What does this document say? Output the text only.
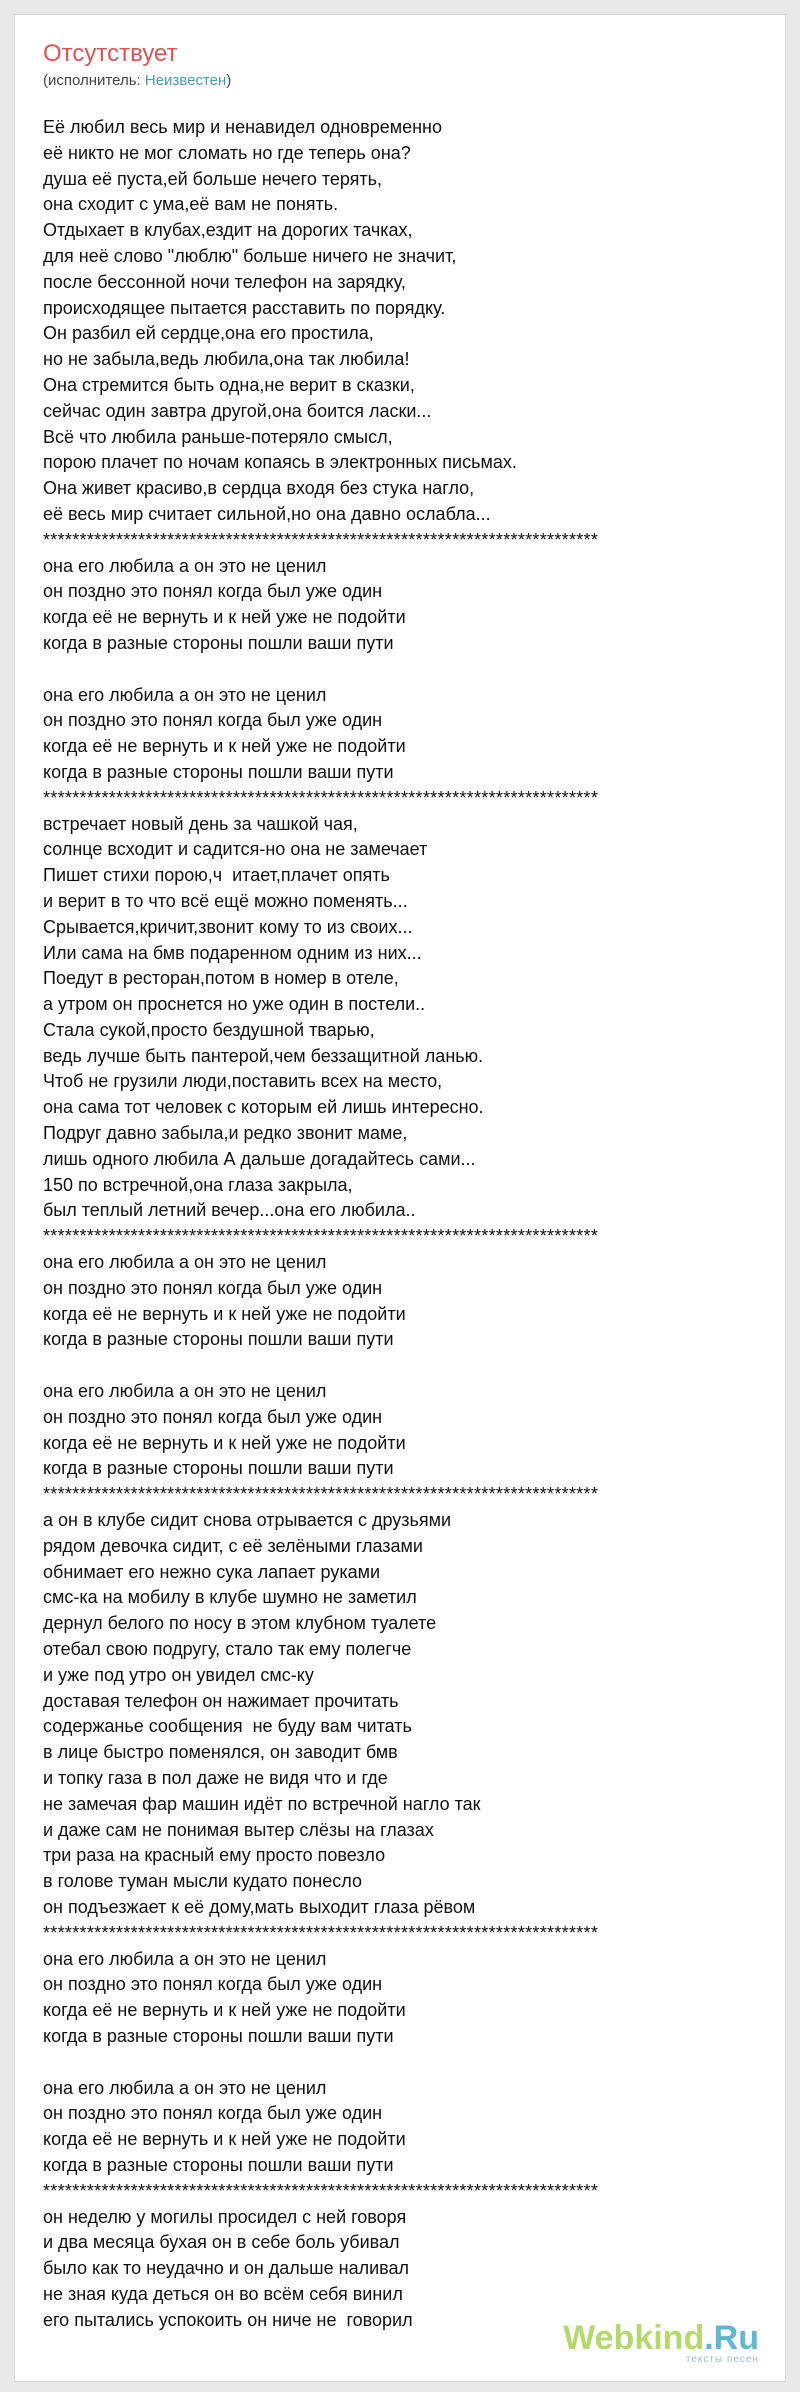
Отсутствует
(исполнитель: Неизвестен)
Её любил весь мир и ненавидел одновременно
её никто не мог сломать но где теперь она?
душа её пуста,ей больше нечего терять,
она сходит с ума,её вам не понять.
Отдыхает в клубах,ездит на дорогих тачках,
для неё слово "люблю" больше ничего не значит,
после бессонной ночи телефон на зарядку,
происходящее пытается расставить по порядку.
Он разбил ей сердце,она его простила,
но не забыла,ведь любила,она так любила!
Она стремится быть одна,не верит в сказки,
сейчас один завтра другой,она боится ласки...
Всё что любила раньше-потеряло смысл,
порою плачет по ночам копаясь в электронных письмах.
Она живет красиво,в сердца входя без стука нагло,
её весь мир считает сильной,но она давно ослабла...
****************************************************************************
она его любила а он это не ценил
он поздно это понял когда был уже один
когда её не вернуть и к ней уже не подойти
когда в разные стороны пошли ваши пути
она его любила а он это не ценил
он поздно это понял когда был уже один
когда её не вернуть и к ней уже не подойти
когда в разные стороны пошли ваши пути
****************************************************************************
встречает новый день за чашкой чая,
солнце всходит и садится-но она не замечает
Пишет стихи порою,ч  итает,плачет опять
и верит в то что всё ещё можно поменять...
Срывается,кричит,звонит кому то из своих...
Или сама на бмв подаренном одним из них...
Поедут в ресторан,потом в номер в отеле,
а утром он проснется но уже один в постели..
Стала сукой,просто бездушной тварью,
ведь лучше быть пантерой,чем беззащитной ланью.
Чтоб не грузили люди,поставить всех на место,
она сама тот человек с которым ей лишь интересно.
Подруг давно забыла,и редко звонит маме,
лишь одного любила А дальше догадайтесь сами...
150 по встречной,она глаза закрыла,
был теплый летний вечер...она его любила..
****************************************************************************
она его любила а он это не ценил
он поздно это понял когда был уже один
когда её не вернуть и к ней уже не подойти
когда в разные стороны пошли ваши пути
она его любила а он это не ценил
он поздно это понял когда был уже один
когда её не вернуть и к ней уже не подойти
когда в разные стороны пошли ваши пути
****************************************************************************
а он в клубе сидит снова отрывается с друзьями
рядом девочка сидит, с её зелёными глазами
обнимает его нежно сука лапает руками
смс-ка на мобилу в клубе шумно не заметил
дернул белого по носу в этом клубном туалете
отебал свою подругу, стало так ему полегче
и уже под утро он увидел смс-ку
доставая телефон он нажимает прочитать
содержанье сообщения  не буду вам читать
в лице быстро поменялся, он заводит бмв
и топку газа в пол даже не видя что и где
не замечая фар машин идёт по встречной нагло так
и даже сам не понимая вытер слёзы на глазах
три раза на красный ему просто повезло
в голове туман мысли кудато понесло
он подъезжает к её дому,мать выходит глаза рёвом
****************************************************************************
она его любила а он это не ценил
он поздно это понял когда был уже один
когда её не вернуть и к ней уже не подойти
когда в разные стороны пошли ваши пути
она его любила а он это не ценил
он поздно это понял когда был уже один
когда её не вернуть и к ней уже не подойти
когда в разные стороны пошли ваши пути
****************************************************************************
он неделю у могилы просидел с ней говоря
и два месяца бухая он в себе боль убивал
было как то неудачно и он дальше наливал
не зная куда деться он во всём себя винил
его пытались успокоить он ниче не  говорил	Webkind.Ru
тексты песен
